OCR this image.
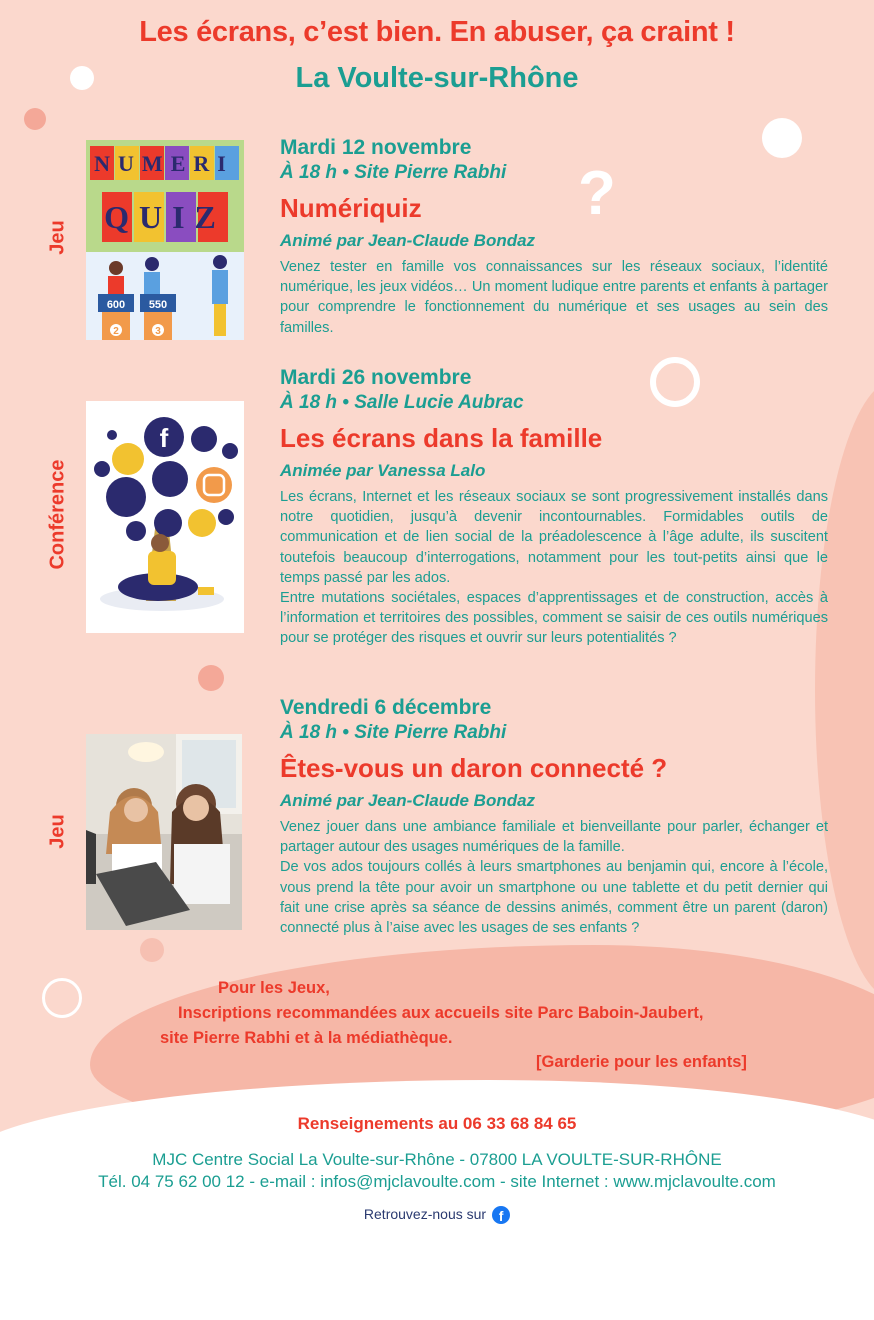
?
Les écrans, c’est bien. En abuser, ça craint !
La Voulte-sur-Rhône
Jeu
NUMERI
QUIZ
600 550
2	3
Mardi 12 novembre
À 18 h • Site Pierre Rabhi
Numériquiz
Animé par Jean-Claude Bondaz

Venez tester en famille vos connaissances sur les réseaux sociaux, l’identité numérique, les jeux vidéos… Un moment ludique entre parents et enfants à partager pour comprendre le fonctionnement du numérique et ses usages au sein des familles.

Conférence
f
Mardi 26 novembre
À 18 h • Salle Lucie Aubrac
Les écrans dans la famille
Animée par Vanessa Lalo

Les écrans, Internet et les réseaux sociaux se sont progressivement installés dans notre quotidien, jusqu’à devenir incontournables. Formidables outils de communication et de lien social de la préadolescence à l’âge adulte, ils suscitent toutefois beaucoup d’interrogations, notamment pour les tout-petits ainsi que le temps passé par les ados.

Entre mutations sociétales, espaces d’apprentissages et de construction, accès à l’information et territoires des possibles, comment se saisir de ces outils numériques pour se protéger des risques et ouvrir sur leurs potentialités ?

Jeu
Vendredi 6 décembre
À 18 h • Site Pierre Rabhi
Êtes-vous un daron connecté ?
Animé par Jean-Claude Bondaz

Venez jouer dans une ambiance familiale et bienveillante pour parler, échanger et partager autour des usages numériques de la famille.

De vos ados toujours collés à leurs smartphones au benjamin qui, encore à l’école, vous prend la tête pour avoir un smartphone ou une tablette et du petit dernier qui fait une crise après sa séance de dessins animés, comment être un parent (daron) connecté plus à l’aise avec les usages de ses enfants ?

Pour les Jeux,
Inscriptions recommandées aux accueils site Parc Baboin-Jaubert,
site Pierre Rabhi et à la médiathèque.
[Garderie pour les enfants]
Renseignements au 06 33 68 84 65
MJC Centre Social La Voulte-sur-Rhône - 07800 LA VOULTE-SUR-RHÔNE
Tél. 04 75 62 00 12 - e-mail : infos@mjclavoulte.com - site Internet : www.mjclavoulte.com
Retrouvez-nous sur f
